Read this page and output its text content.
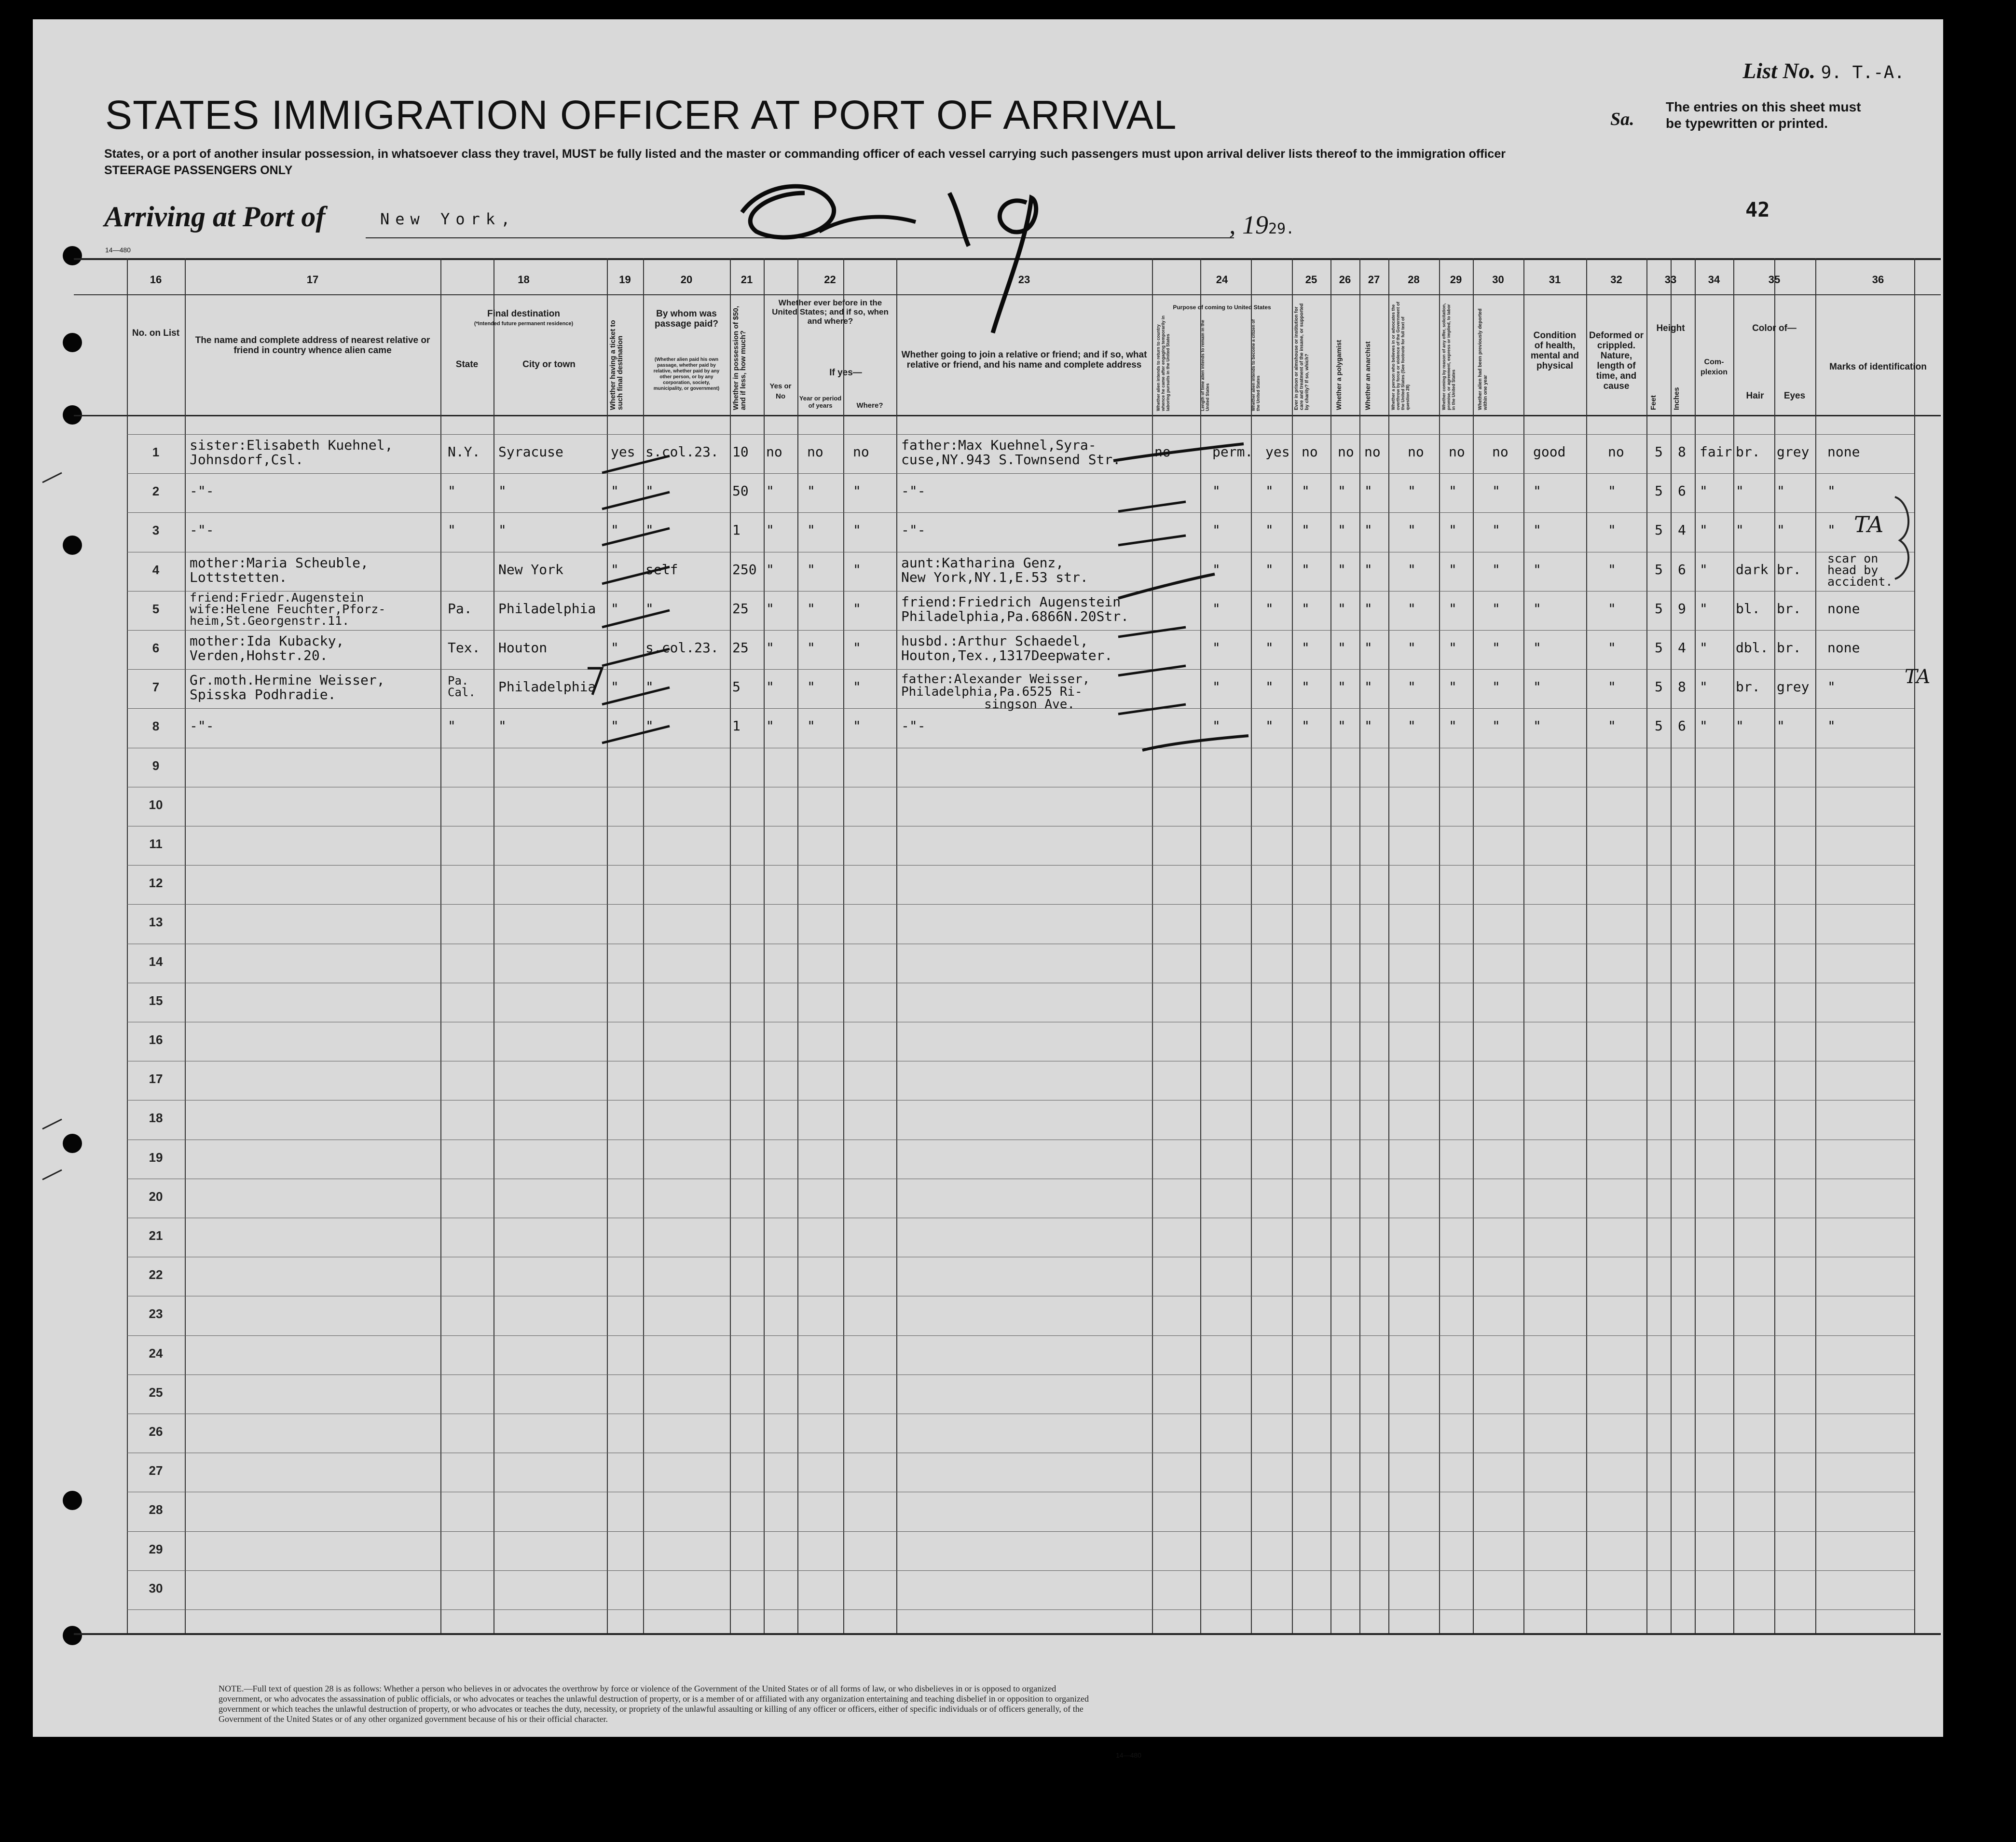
STATES IMMIGRATION OFFICER AT PORT OF ARRIVAL
List No. 9. T.-A.
Sa.
The entries on this sheet must
be typewritten or printed.
States, or a port of another insular possession, in whatsoever class they travel, MUST be fully listed and the master or commanding officer of each vessel carrying such passengers must upon arrival deliver lists thereof to the immigration officer
STEERAGE PASSENGERS ONLY
Arriving at Port of	New York,	, 1929.
42
14—480
16	17	18	19	20	21	22	23	24	25	26	27	28	29	30	31	32	33	34	35	36
No. on List
The name and complete address of nearest relative or friend in country whence alien came
Final destination
(*Intended future permanent residence)
State	City or town	Whether having a ticket to such final destination
By whom was passage paid?
(Whether alien paid his own passage, whether paid by relative, whether paid by any other person, or by any corporation, society, municipality, or government)	Whether in possession of $50, and if less, how much?
Whether ever before in the United States; and if so, when and where?
Yes or No
If yes—
Year or period of years	Where?
Whether going to join a relative or friend; and if so, what relative or friend, and his name and complete address
Purpose of coming to United States
Whether alien intends to return to country whence he came after engaging temporarily in laboring pursuits in the United States	Length of time alien intends to remain in the United States	Whether alien intends to become a citizen of the United States	Ever in prison or almshouse or institution for care and treatment of the insane, or supported by charity? If so, which?	Whether a polygamist	Whether an anarchist	Whether a person who believes in or advocates the overthrow by force or violence of the Government of the United States (See footnote for full text of question 28)	Whether coming by reason of any offer, solicitation, promise, or agreement, express or implied, to labor in the United States	Whether alien had been previously deported within one year
Condition of health, mental and physical
Deformed or crippled. Nature, length of time, and cause
Height
Feet	Inches
Com-plexion
Color of—
Hair	Eyes
Marks of identification
1
2
3
4
5
6
7
8
9
10
11
12
13
14
15
16
17
18
19
20
21
22
23
24
25
26
27
28
29
30
sister:Elisabeth Kuehnel,
Johnsdorf,Csl.	N.Y. Syracuse	yes s.col.23. 10 no no no father:Max Kuehnel,Syra-
cuse,NY.943 S.Townsend Str. no	perm. yes no no no no no no good	no 5 8 fair br. grey none
-"-	"	"	" "	50 " "	"	-"-	"	" " " "	" "	" "	"	5 6 " " "	"
-"-	"	"	" "	1 " "	"	-"-	"	" " " "	" "	" "	"	5 4 " " "	"
mother:Maria Scheuble,
Lottstetten.	New York	" self	250 " "	"	aunt:Katharina Genz,
New York,NY.1,E.53 str.	"	" " " "	" "	" "	"	5 6 " dark br.
scar on
head by
accident.
friend:Friedr.Augenstein
wife:Helene Feuchter,Pforz-
heim,St.Georgenstr.11.
Pa. Philadelphia " "	25 " "	"	friend:Friedrich Augenstein
Philadelphia,Pa.6866N.20Str.	"	" " " "	" "	" "	"	5 9 " bl. br. none
mother:Ida Kubacky,
Verden,Hohstr.20.	Tex. Houton	" s.col.23. 25 " "	"	husbd.:Arthur Schaedel,
Houton,Tex.,1317Deepwater.	"	" " " "	" "	" "	"	5 4 " dbl. br. none
Gr.moth.Hermine Weisser,
Spisska Podhradie.
Pa.
Cal. Philadelphia " "	5 " "	"	father:Alexander Weisser,
Philadelphia,Pa.6525 Ri-
singson Ave.
"	" " " "	" "	" "	"	5 8 " br. grey "
-"-	"	"	" "	1 " "	"	-"-	"	" " " "	" "	" "	"	5 6 " " "	"
TA
TA
NOTE.—Full text of question 28 is as follows: Whether a person who believes in or advocates the overthrow by force or violence of the Government of the United States or of all forms of law, or who disbelieves in or is opposed to organized government, or who advocates the assassination of public officials, or who advocates or teaches the unlawful destruction of property, or is a member of or affiliated with any organization entertaining and teaching disbelief in or opposition to organized government or which teaches the unlawful destruction of property, or who advocates or teaches the duty, necessity, or propriety of the unlawful assaulting or killing of any officer or officers, either of specific individuals or of officers generally, of the Government of the United States or of any other organized government because of his or their official character.
14—480
